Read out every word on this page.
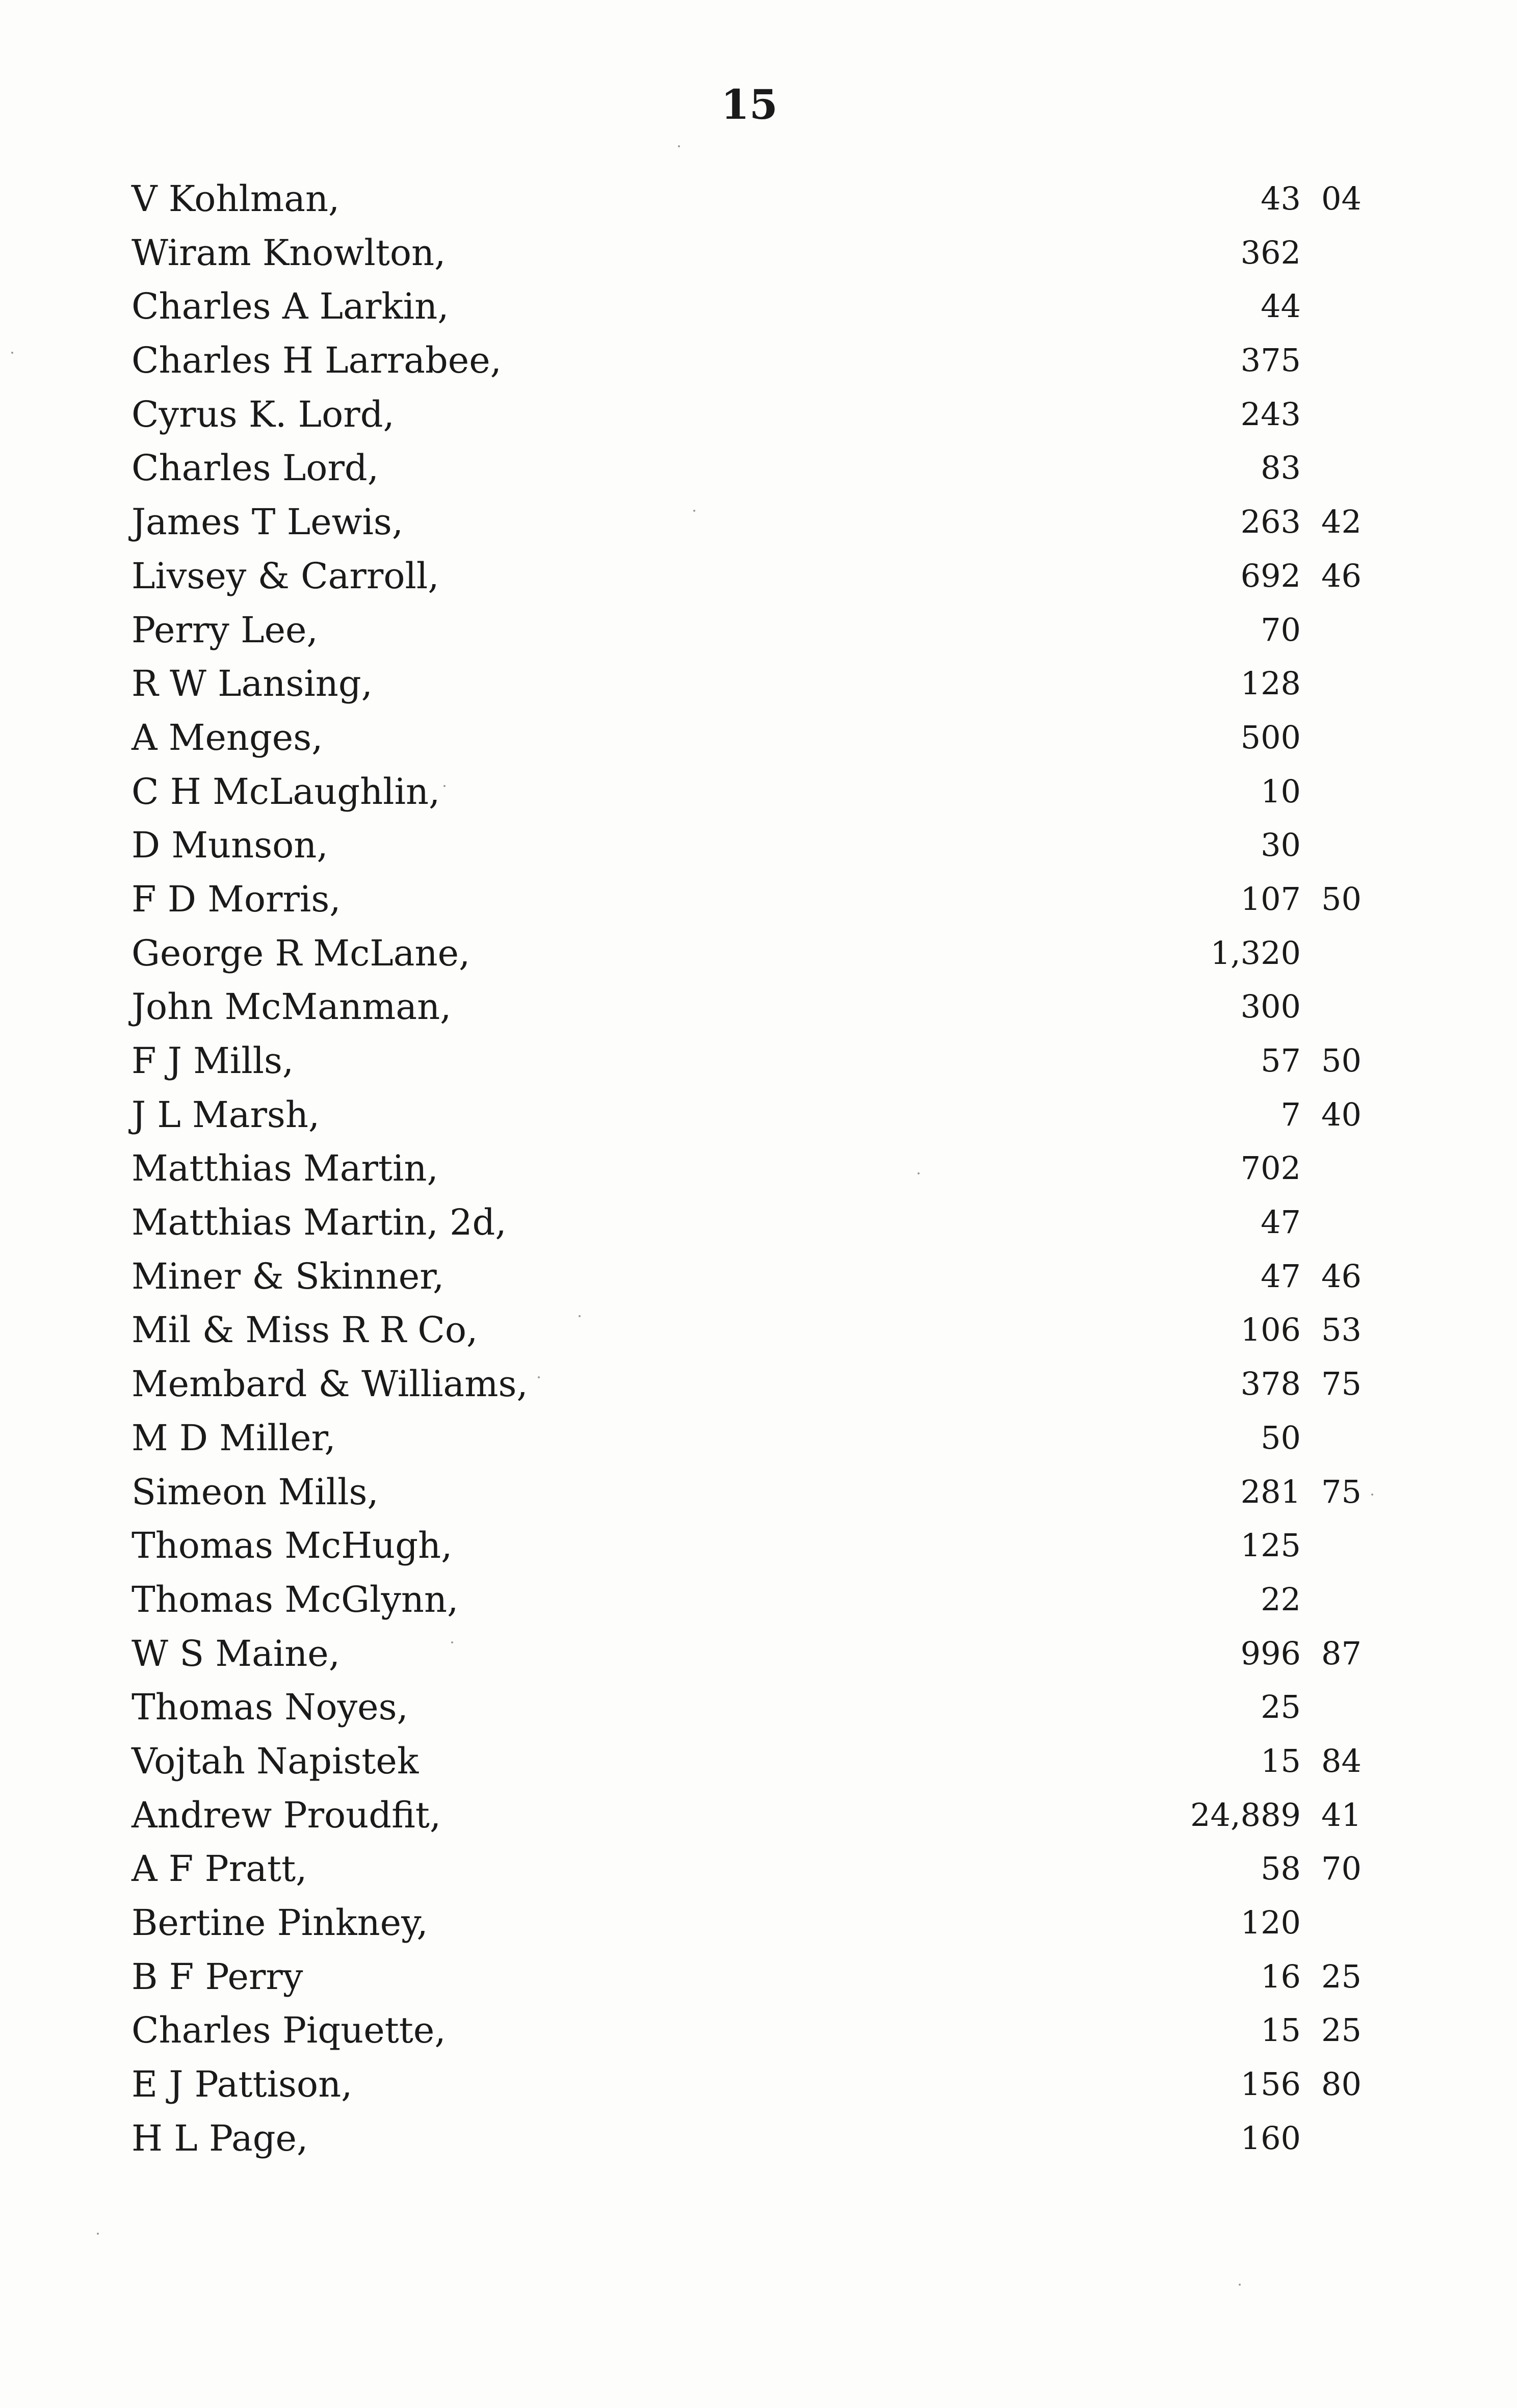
15
V Kohlman,	43 04
Wiram Knowlton,	362
Charles A Larkin,	44
Charles H Larrabee,	375
Cyrus K. Lord,	243
Charles Lord,	83
James T Lewis,	263 42
Livsey & Carroll,	692 46
Perry Lee,	70
R W Lansing,	128
A Menges,	500
C H McLaughlin,	10
D Munson,	30
F D Morris,	107 50
George R McLane,	1,320
John McManman,	300
F J Mills,	57 50
J L Marsh,	7 40
Matthias Martin,	702
Matthias Martin, 2d,	47
Miner & Skinner,	47 46
Mil & Miss R R Co,	106 53
Membard & Williams,	378 75
M D Miller,	50
Simeon Mills,	281 75
Thomas McHugh,	125
Thomas McGlynn,	22
W S Maine,	996 87
Thomas Noyes,	25
Vojtah Napistek	15 84
Andrew Proudfit,	24,889 41
A F Pratt,	58 70
Bertine Pinkney,	120
B F Perry	16 25
Charles Piquette,	15 25
E J Pattison,	156 80
H L Page,	160
